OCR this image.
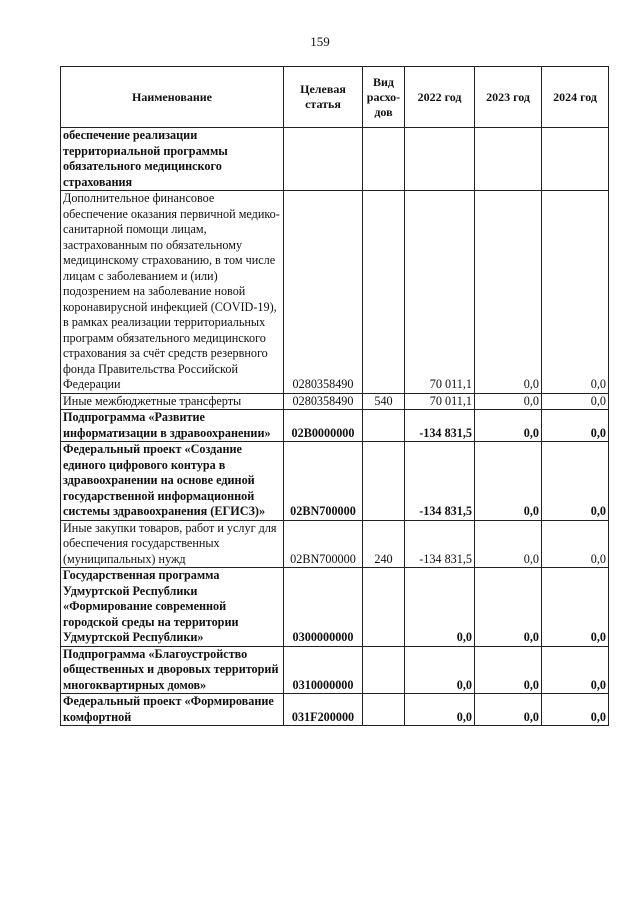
159
Наименование	Целевая статья	Вид расхо-дов	2022 год	2023 год	2024 год
обеспечение реализации территориальной программы обязательного медицинского страхования					
Дополнительное финансовое обеспечение оказания первичной медико-санитарной помощи лицам, застрахованным по обязательному медицинскому страхованию, в том числе лицам с заболеванием и (или) подозрением на заболевание новой коронавирусной инфекцией (COVID-19), в рамках реализации территориальных программ обязательного медицинского страхования за счёт средств резервного фонда Правительства Российской Федерации	0280358490		70 011,1	0,0	0,0
Иные межбюджетные трансферты	0280358490	540	70 011,1	0,0	0,0
Подпрограмма «Развитие информатизации в здравоохранении»	02B0000000		-134 831,5	0,0	0,0
Федеральный проект «Создание единого цифрового контура в здравоохранении на основе единой государственной информационной системы здравоохранения (ЕГИСЗ)»	02BN700000		-134 831,5	0,0	0,0
Иные закупки товаров, работ и услуг для обеспечения государственных (муниципальных) нужд	02BN700000	240	-134 831,5	0,0	0,0
Государственная программа Удмуртской Республики «Формирование современной городской среды на территории Удмуртской Республики»	0300000000		0,0	0,0	0,0
Подпрограмма «Благоустройство общественных и дворовых территорий многоквартирных домов»	0310000000		0,0	0,0	0,0
Федеральный проект «Формирование комфортной	031F200000		0,0	0,0	0,0
